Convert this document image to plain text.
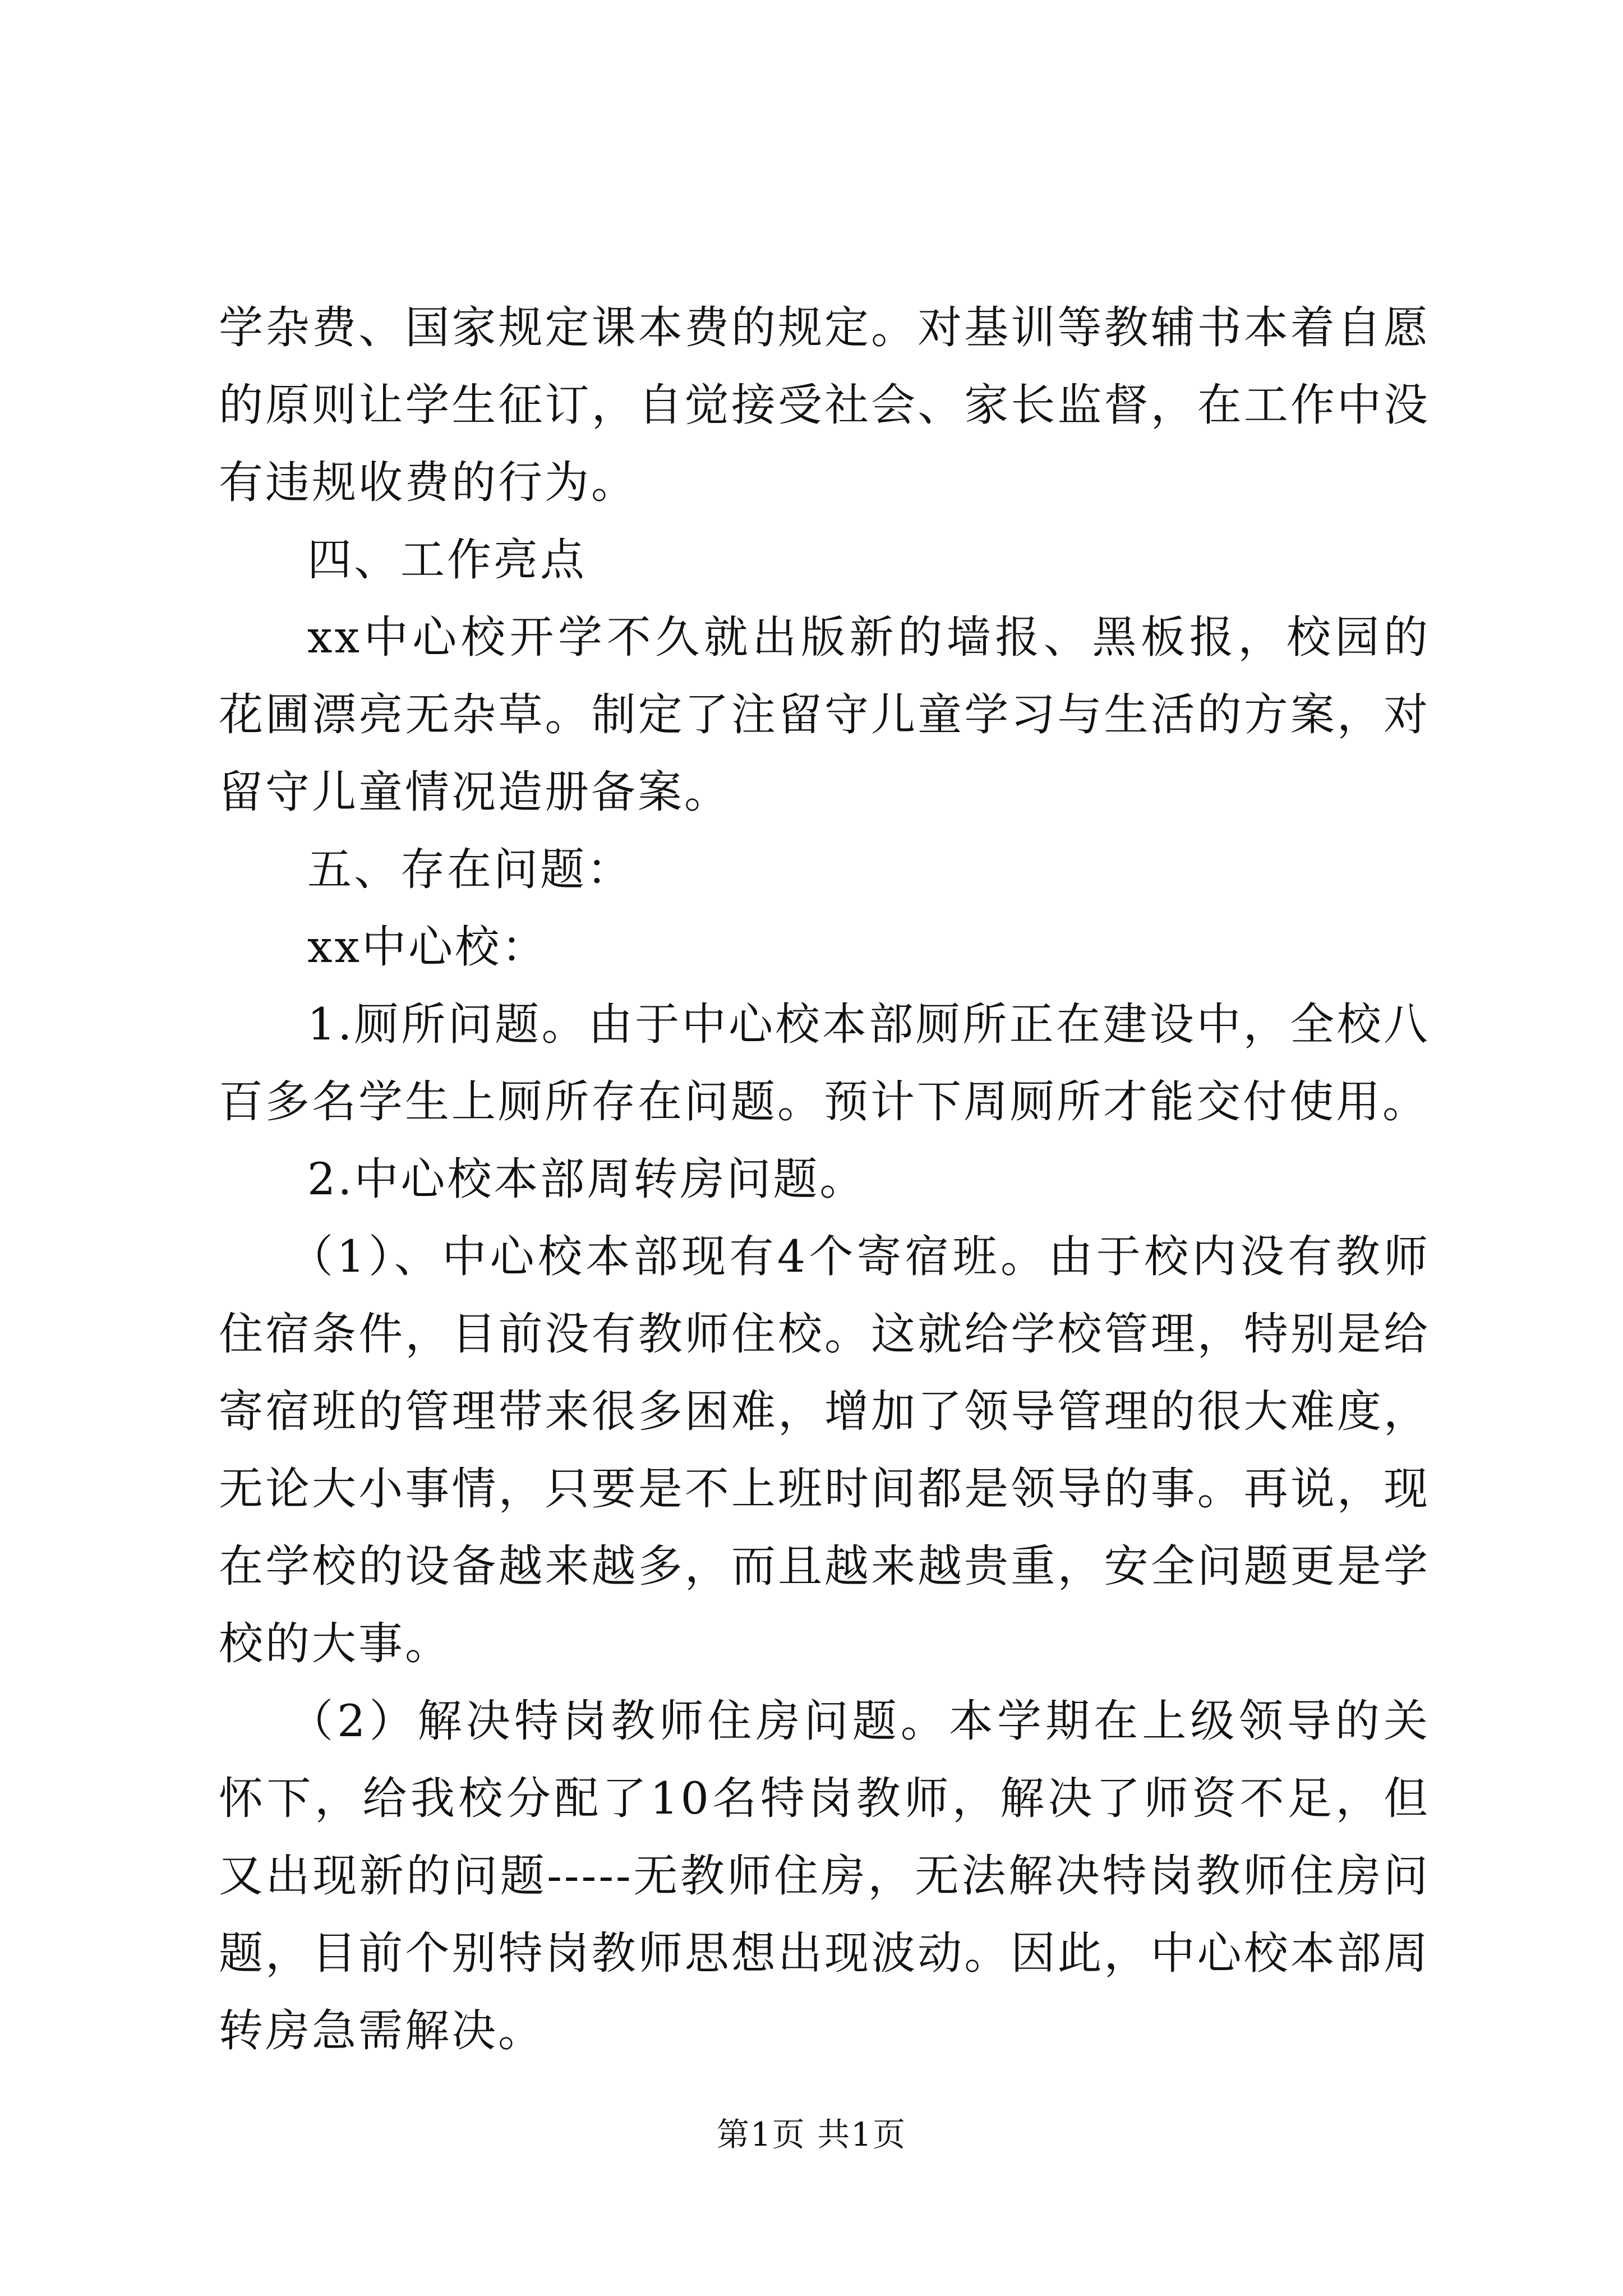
学杂费、国家规定课本费的规定。对基训等教辅书本着自愿的原则让学生征订，自觉接受社会、家长监督，在工作中没有违规收费的行为。

四、工作亮点

xx中心校开学不久就出版新的墙报、黑板报，校园的花圃漂亮无杂草。制定了注留守儿童学习与生活的方案，对留守儿童情况造册备案。

五、存在问题：

xx中心校：

1.厕所问题。由于中心校本部厕所正在建设中，全校八百多名学生上厕所存在问题。预计下周厕所才能交付使用。

2.中心校本部周转房问题。

（1）、中心校本部现有4个寄宿班。由于校内没有教师住宿条件，目前没有教师住校。这就给学校管理，特别是给寄宿班的管理带来很多困难，增加了领导管理的很大难度，无论大小事情，只要是不上班时间都是领导的事。再说，现在学校的设备越来越多，而且越来越贵重，安全问题更是学校的大事。

（2）解决特岗教师住房问题。本学期在上级领导的关怀下，给我校分配了10名特岗教师，解决了师资不足，但又出现新的问题-----无教师住房，无法解决特岗教师住房问题，目前个别特岗教师思想出现波动。因此，中心校本部周转房急需解决。

第1页 共1页
